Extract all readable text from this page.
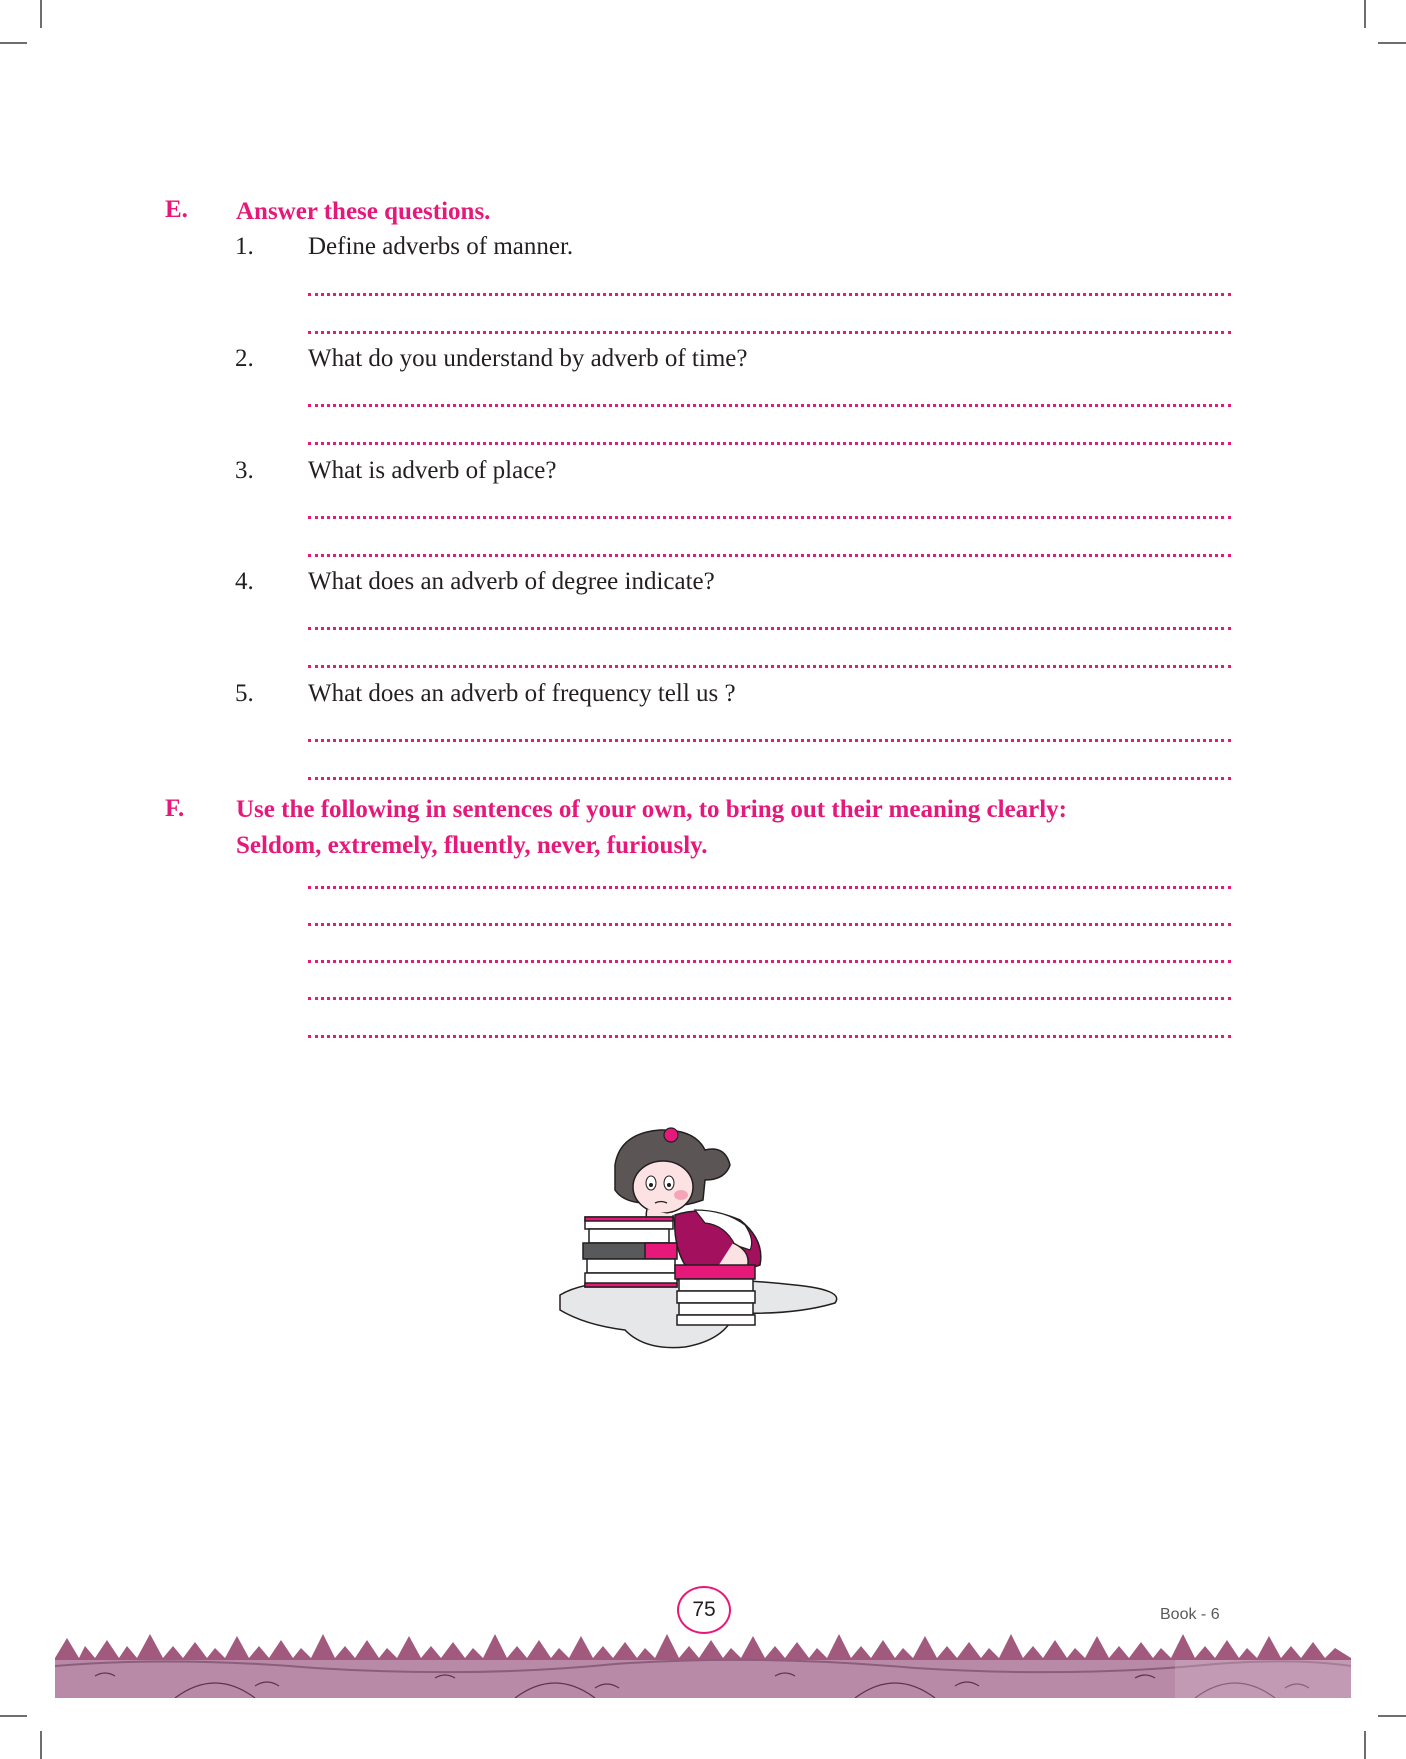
E. Answer these questions.
1. Define adverbs of manner.
2. What do you understand by adverb of time?
3. What is adverb of place?
4. What does an adverb of degree indicate?
5. What does an adverb of frequency tell us ?
F. Use the following in sentences of your own, to bring out their meaning clearly:
Seldom, extremely, fluently, never, furiously.
75	Book - 6
